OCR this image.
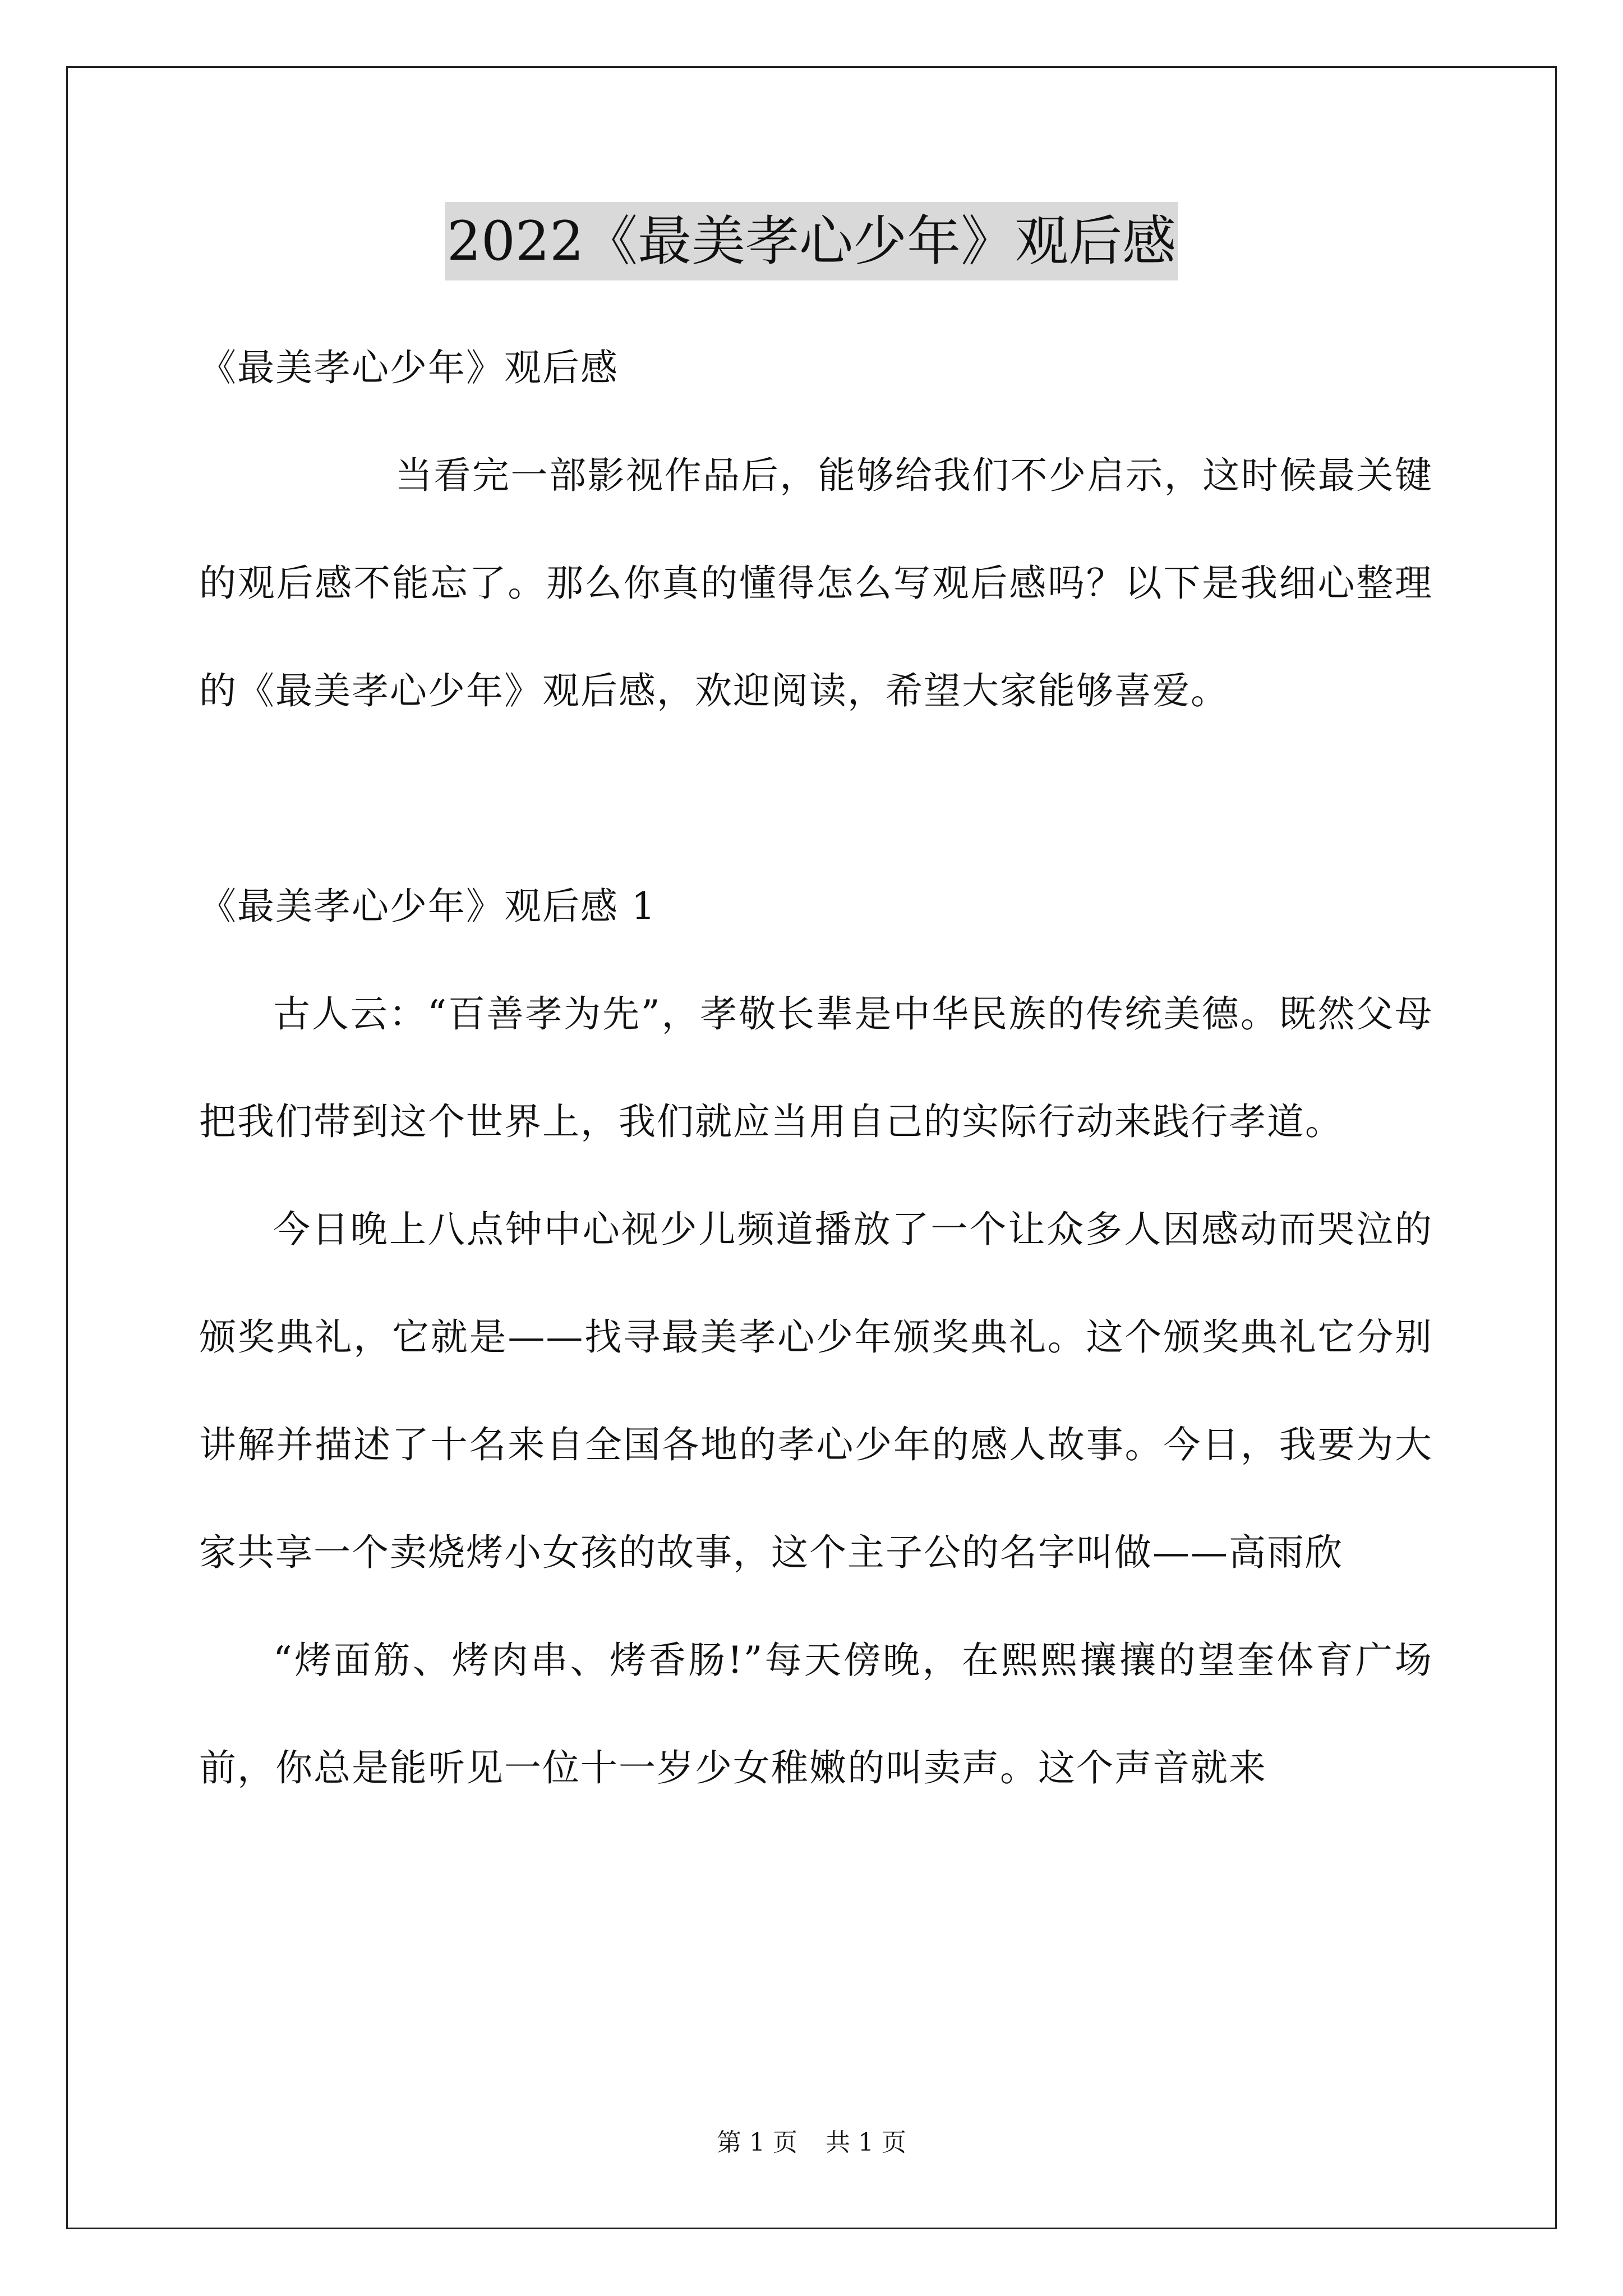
2022《最美孝心少年》观后感

《最美孝心少年》观后感

当看完一部影视作品后，能够给我们不少启示，这时候最关键的观后感不能忘了。那么你真的懂得怎么写观后感吗？以下是我细心整理的《最美孝心少年》观后感，欢迎阅读，希望大家能够喜爱。

《最美孝心少年》观后感 1

古人云：“百善孝为先”，孝敬长辈是中华民族的传统美德。既然父母把我们带到这个世界上，我们就应当用自己的实际行动来践行孝道。

今日晚上八点钟中心视少儿频道播放了一个让众多人因感动而哭泣的颁奖典礼，它就是——找寻最美孝心少年颁奖典礼。这个颁奖典礼它分别讲解并描述了十名来自全国各地的孝心少年的感人故事。今日，我要为大家共享一个卖烧烤小女孩的故事，这个主子公的名字叫做——高雨欣

“烤面筋、烤肉串、烤香肠!”每天傍晚，在熙熙攘攘的望奎体育广场前，你总是能听见一位十一岁少女稚嫩的叫卖声。这个声音就来

第 1 页 共 1 页
